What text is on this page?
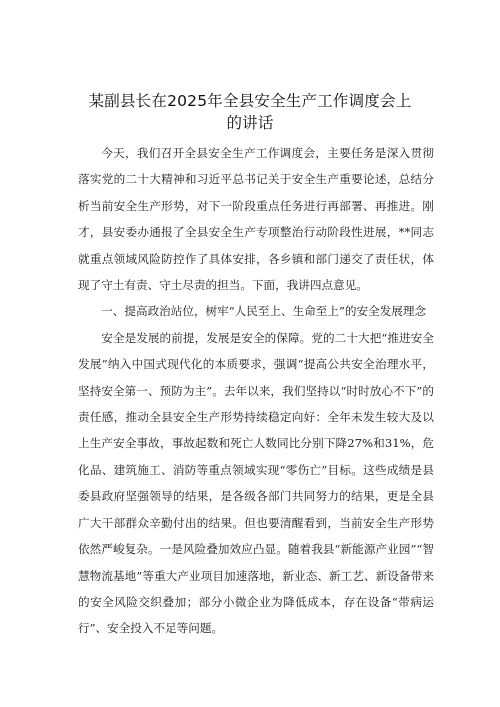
某副县长在2025年全县安全生产工作调度会上
的讲话

今天，我们召开全县安全生产工作调度会，主要任务是深入贯彻落实党的二十大精神和习近平总书记关于安全生产重要论述，总结分析当前安全生产形势，对下一阶段重点任务进行再部署、再推进。刚才，县安委办通报了全县安全生产专项整治行动阶段性进展，**同志就重点领域风险防控作了具体安排，各乡镇和部门递交了责任状，体现了守土有责、守土尽责的担当。下面，我讲四点意见。

一、提高政治站位，树牢“人民至上、生命至上”的安全发展理念

安全是发展的前提，发展是安全的保障。党的二十大把“推进安全发展”纳入中国式现代化的本质要求，强调“提高公共安全治理水平，坚持安全第一、预防为主”。去年以来，我们坚持以“时时放心不下”的责任感，推动全县安全生产形势持续稳定向好：全年未发生较大及以上生产安全事故，事故起数和死亡人数同比分别下降27%和31%，危化品、建筑施工、消防等重点领域实现“零伤亡”目标。这些成绩是县委县政府坚强领导的结果，是各级各部门共同努力的结果，更是全县广大干部群众辛勤付出的结果。但也要清醒看到，当前安全生产形势依然严峻复杂。一是风险叠加效应凸显。随着我县“新能源产业园”“智慧物流基地”等重大产业项目加速落地，新业态、新工艺、新设备带来的安全风险交织叠加；部分小微企业为降低成本，存在设备“带病运行”、安全投入不足等问题。
